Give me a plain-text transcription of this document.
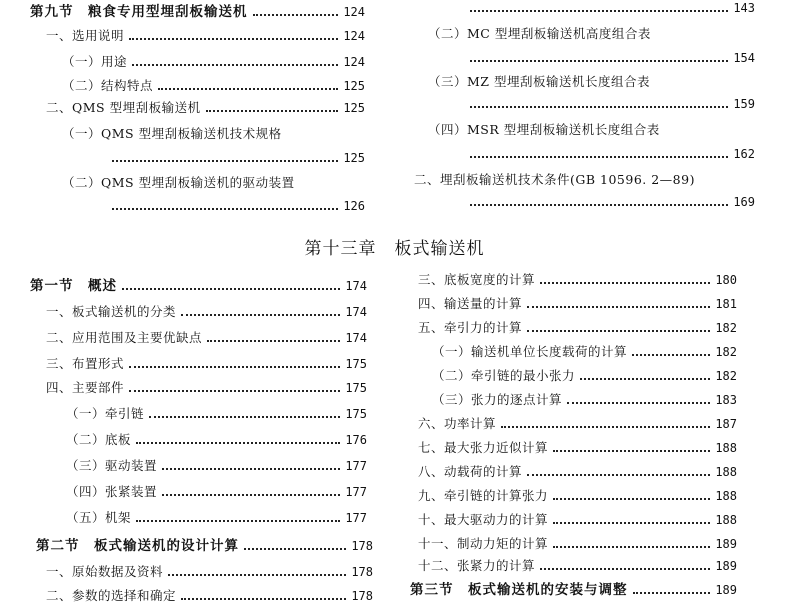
第九节　粮食专用型埋刮板输送机	124
一、选用说明	124
（一）用途	124
（二）结构特点	125
二、QMS 型埋刮板输送机	125
（一）QMS 型埋刮板输送机技术规格
125
（二）QMS 型埋刮板输送机的驱动装置
126
143
（二）MC 型埋刮板输送机高度组合表
154
（三）MZ 型埋刮板输送机长度组合表
159
（四）MSR 型埋刮板输送机长度组合表
162
二、埋刮板输送机技术条件(GB 10596. 2—89)
169
第十三章 板式输送机
第一节　概述	174
一、板式输送机的分类	174
二、应用范围及主要优缺点	174
三、布置形式	175
四、主要部件	175
（一）牵引链	175
（二）底板	176
（三）驱动装置	177
（四）张紧装置	177
（五）机架	177
第二节　板式输送机的设计计算	178
一、原始数据及资料	178
二、参数的选择和确定	178
三、底板宽度的计算	180
四、输送量的计算	181
五、牵引力的计算	182
（一）输送机单位长度载荷的计算	182
（二）牵引链的最小张力	182
（三）张力的逐点计算	183
六、功率计算	187
七、最大张力近似计算	188
八、动载荷的计算	188
九、牵引链的计算张力	188
十、最大驱动力的计算	188
十一、制动力矩的计算	189
十二、张紧力的计算	189
第三节　板式输送机的安装与调整	189
